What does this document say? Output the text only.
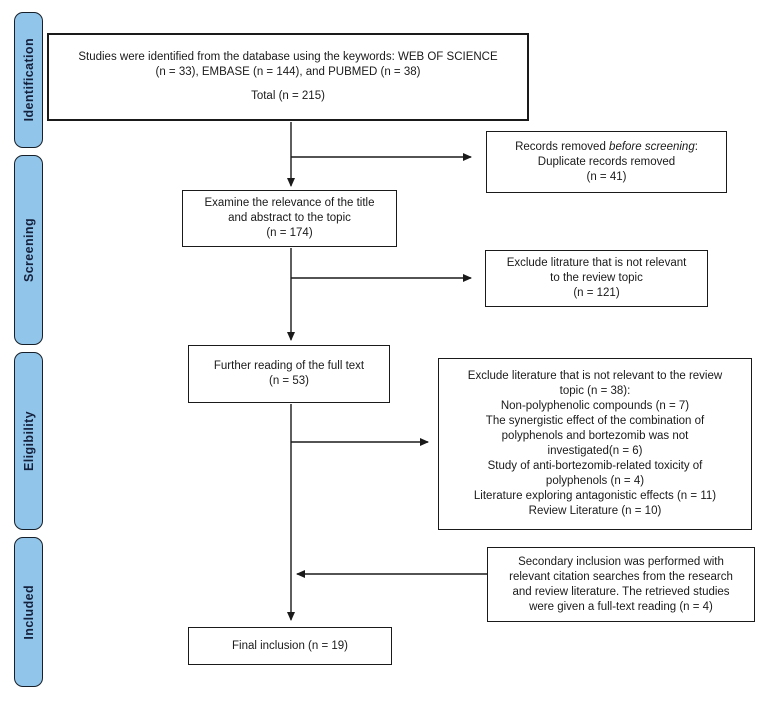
Identification
Screening
Eligibility
Included
Studies were identified from the database using the keywords: WEB OF SCIENCE
(n = 33), EMBASE (n = 144), and PUBMED (n = 38)
Total (n = 215)
Records removed before screening:
Duplicate records removed
(n = 41)
Examine the relevance of the title
and abstract to the topic
(n = 174)
Exclude litrature that is not relevant
to the review topic
(n = 121)
Further reading of the full text
(n = 53)	Exclude literature that is not relevant to the review
topic (n = 38):
Non-polyphenolic compounds (n = 7)
The synergistic effect of the combination of
polyphenols and bortezomib was not
investigated(n = 6)
Study of anti-bortezomib-related toxicity of
polyphenols (n = 4)
Literature exploring antagonistic effects (n = 11)
Review Literature (n = 10)
Secondary inclusion was performed with
relevant citation searches from the research
and review literature. The retrieved studies
were given a full-text reading (n = 4)
Final inclusion (n = 19)
